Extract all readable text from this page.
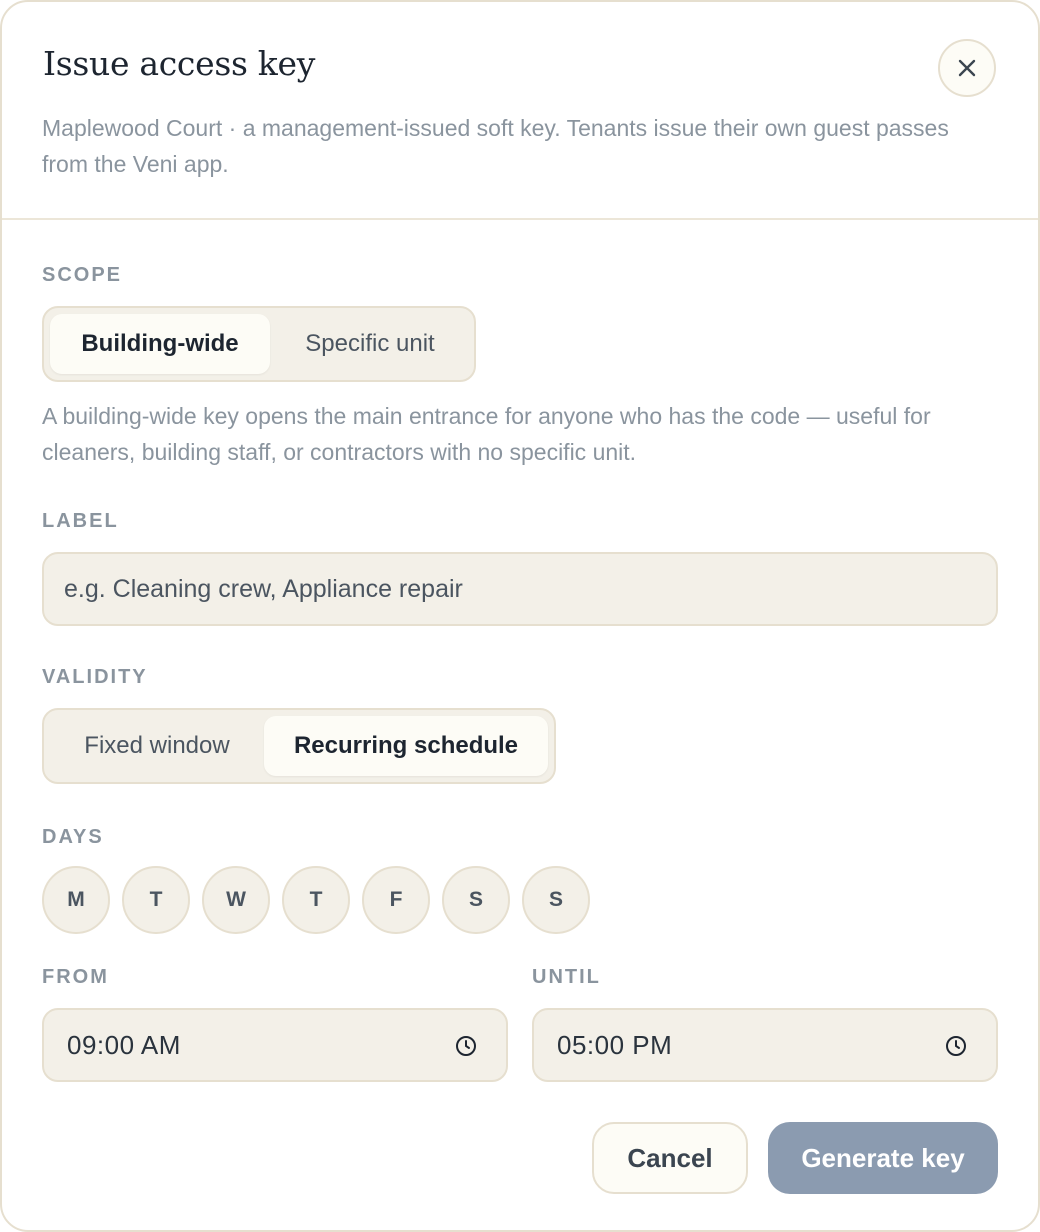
Issue access key

Maplewood Court · a management-issued soft key. Tenants issue their own guest passes from the Veni app.

SCOPE
Building-wide	Specific unit

A building-wide key opens the main entrance for anyone who has the code — useful for cleaners, building staff, or contractors with no specific unit.

LABEL
e.g. Cleaning crew, Appliance repair
VALIDITY
Fixed window	Recurring schedule
DAYS
M	T	W	T	F	S	S
FROM	UNTIL
09:00 AM	05:00 PM
Cancel	Generate key
